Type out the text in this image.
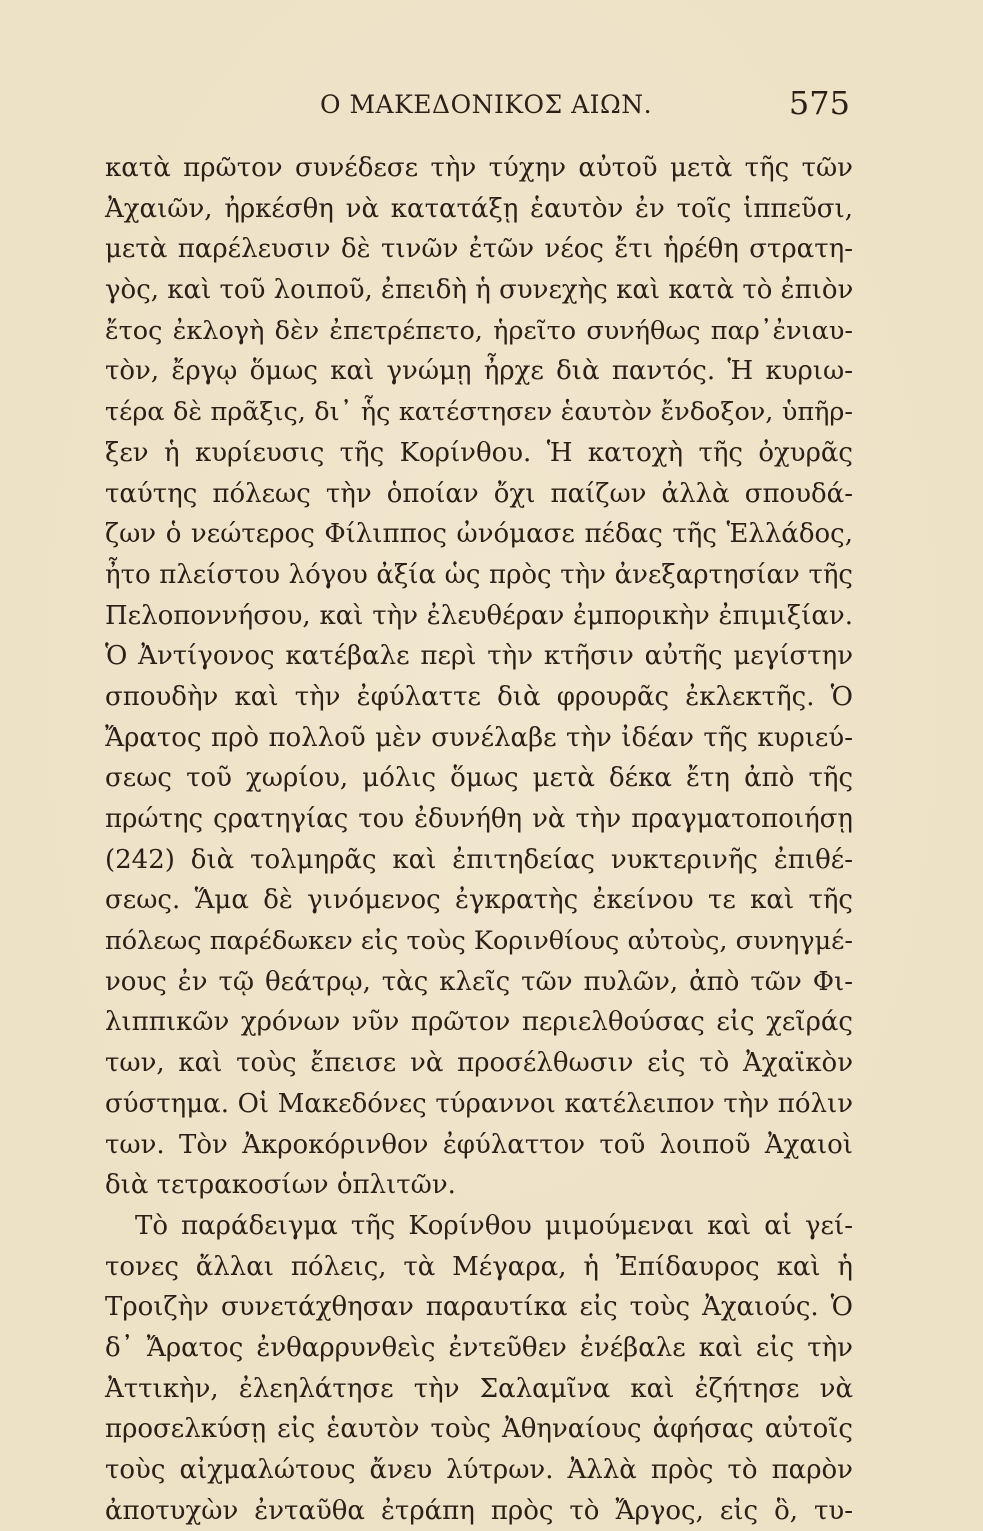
Ο ΜΑΚΕΔΟΝΙΚΟΣ ΑΙΩΝ.	575
κατὰ πρῶτον συνέδεσε τὴν τύχην αὐτοῦ μετὰ τῆς τῶν
Ἀχαιῶν, ἠρκέσθη νὰ κατατάξῃ ἑαυτὸν ἐν τοῖς ἱππεῦσι,
μετὰ παρέλευσιν δὲ τινῶν ἐτῶν νέος ἔτι ἡρέθη στρατη-
γὸς, καὶ τοῦ λοιποῦ, ἐπειδὴ ἡ συνεχὴς καὶ κατὰ τὸ ἐπιὸν
ἔτος ἐκλογὴ δὲν ἐπετρέπετο, ἡρεῖτο συνήθως παρ᾽ἐνιαυ-
τὸν, ἔργῳ ὅμως καὶ γνώμῃ ἦρχε διὰ παντός. Ἡ κυριω-
τέρα δὲ πρᾶξις, δι᾽ ἧς κατέστησεν ἑαυτὸν ἔνδοξον, ὑπῆρ-
ξεν ἡ κυρίευσις τῆς Κορίνθου. Ἡ κατοχὴ τῆς ὀχυρᾶς
ταύτης πόλεως τὴν ὁποίαν ὄχι παίζων ἀλλὰ σπουδά-
ζων ὁ νεώτερος Φίλιππος ὠνόμασε πέδας τῆς Ἑλλάδος,
ἦτο πλείστου λόγου ἀξία ὡς πρὸς τὴν ἀνεξαρτησίαν τῆς
Πελοποννήσου, καὶ τὴν ἐλευθέραν ἐμπορικὴν ἐπιμιξίαν.
Ὁ Ἀντίγονος κατέβαλε περὶ τὴν κτῆσιν αὐτῆς μεγίστην
σπουδὴν καὶ τὴν ἐφύλαττε διὰ φρουρᾶς ἐκλεκτῆς. Ὁ
Ἄρατος πρὸ πολλοῦ μὲν συνέλαβε τὴν ἰδέαν τῆς κυριεύ-
σεως τοῦ χωρίου, μόλις ὅμως μετὰ δέκα ἔτη ἀπὸ τῆς
πρώτης ςρατηγίας του ἐδυνήθη νὰ τὴν πραγματοποιήσῃ
(242) διὰ τολμηρᾶς καὶ ἐπιτηδείας νυκτερινῆς ἐπιθέ-
σεως. Ἅμα δὲ γινόμενος ἐγκρατὴς ἐκείνου τε καὶ τῆς
πόλεως παρέδωκεν εἰς τοὺς Κορινθίους αὐτοὺς, συνηγμέ-
νους ἐν τῷ θεάτρῳ, τὰς κλεῖς τῶν πυλῶν, ἀπὸ τῶν Φι-
λιππικῶν χρόνων νῦν πρῶτον περιελθούσας εἰς χεῖράς
των, καὶ τοὺς ἔπεισε νὰ προσέλθωσιν εἰς τὸ Ἀχαϊκὸν
σύστημα. Οἱ Μακεδόνες τύραννοι κατέλειπον τὴν πόλιν
των. Τὸν Ἀκροκόρινθον ἐφύλαττον τοῦ λοιποῦ Ἀχαιοὶ
διὰ τετρακοσίων ὁπλιτῶν.
Τὸ παράδειγμα τῆς Κορίνθου μιμούμεναι καὶ αἱ γεί-
τονες ἄλλαι πόλεις, τὰ Μέγαρα, ἡ Ἐπίδαυρος καὶ ἡ
Τροιζὴν συνετάχθησαν παραυτίκα εἰς τοὺς Ἀχαιούς. Ὁ
δ᾽ Ἄρατος ἐνθαρρυνθεὶς ἐντεῦθεν ἐνέβαλε καὶ εἰς τὴν
Ἀττικὴν, ἐλεηλάτησε τὴν Σαλαμῖνα καὶ ἐζήτησε νὰ
προσελκύσῃ εἰς ἑαυτὸν τοὺς Ἀθηναίους ἀφήσας αὐτοῖς
τοὺς αἰχμαλώτους ἄνευ λύτρων. Ἀλλὰ πρὸς τὸ παρὸν
ἀποτυχὼν ἐνταῦθα ἐτράπη πρὸς τὸ Ἄργος, εἰς ὃ, τυ-
